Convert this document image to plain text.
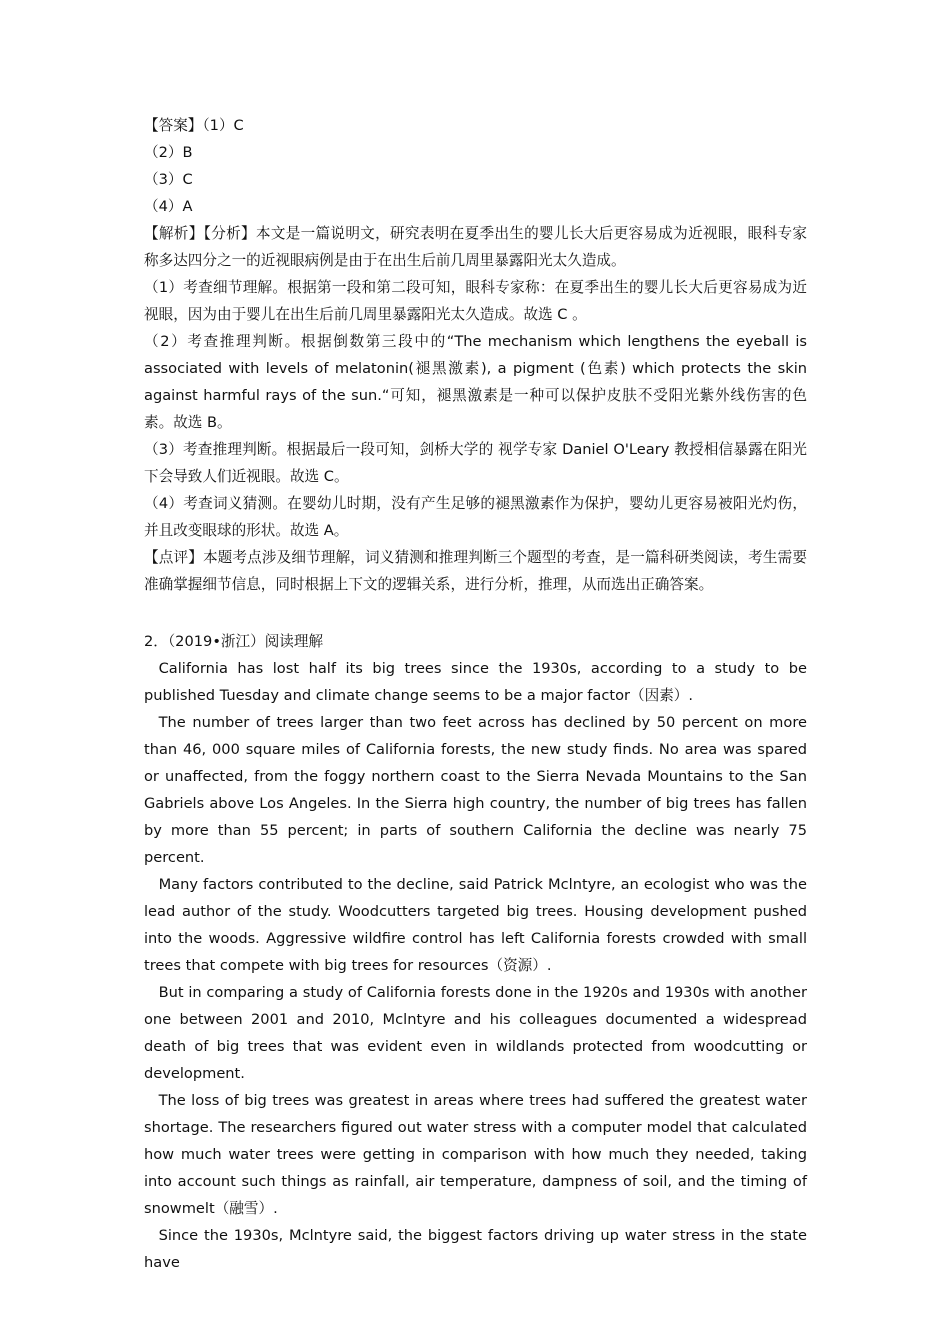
【答案】（1）C

（2）B

（3）C

（4）A

【解析】【分析】本文是一篇说明文，研究表明在夏季出生的婴儿长大后更容易成为近视眼，眼科专家称多达四分之一的近视眼病例是由于在出生后前几周里暴露阳光太久造成。

（1）考查细节理解。根据第一段和第二段可知，眼科专家称：在夏季出生的婴儿长大后更容易成为近视眼，因为由于婴儿在出生后前几周里暴露阳光太久造成。故选 C 。

（2）考查推理判断。根据倒数第三段中的“The mechanism which lengthens the eyeball is associated with levels of melatonin(褪黑激素), a pigment (色素) which protects the skin against harmful rays of the sun.“可知，褪黑激素是一种可以保护皮肤不受阳光紫外线伤害的色素。故选 B。

（3）考查推理判断。根据最后一段可知，剑桥大学的 视学专家 Daniel O'Leary 教授相信暴露在阳光下会导致人们近视眼。故选 C。

（4）考查词义猜测。在婴幼儿时期，没有产生足够的褪黑激素作为保护，婴幼儿更容易被阳光灼伤，并且改变眼球的形状。故选 A。

【点评】本题考点涉及细节理解，词义猜测和推理判断三个题型的考查，是一篇科研类阅读，考生需要准确掌握细节信息，同时根据上下文的逻辑关系，进行分析，推理，从而选出正确答案。

2．（2019•浙江）阅读理解

California has lost half its big trees since the 1930s, according to a study to be published Tuesday and climate change seems to be a major factor（因素）.

The number of trees larger than two feet across has declined by 50 percent on more than 46, 000 square miles of California forests, the new study finds. No area was spared or unaffected, from the foggy northern coast to the Sierra Nevada Mountains to the San Gabriels above Los Angeles. In the Sierra high country, the number of big trees has fallen by more than 55 percent; in parts of southern California the decline was nearly 75 percent.

Many factors contributed to the decline, said Patrick Mclntyre, an ecologist who was the lead author of the study. Woodcutters targeted big trees. Housing development pushed into the woods. Aggressive wildfire control has left California forests crowded with small trees that compete with big trees for resources（资源）.

But in comparing a study of California forests done in the 1920s and 1930s with another one between 2001 and 2010, Mclntyre and his colleagues documented a widespread death of big trees that was evident even in wildlands protected from woodcutting or development.

The loss of big trees was greatest in areas where trees had suffered the greatest water shortage. The researchers figured out water stress with a computer model that calculated how much water trees were getting in comparison with how much they needed, taking into account such things as rainfall, air temperature, dampness of soil, and the timing of snowmelt（融雪）.

Since the 1930s, Mclntyre said, the biggest factors driving up water stress in the state have
